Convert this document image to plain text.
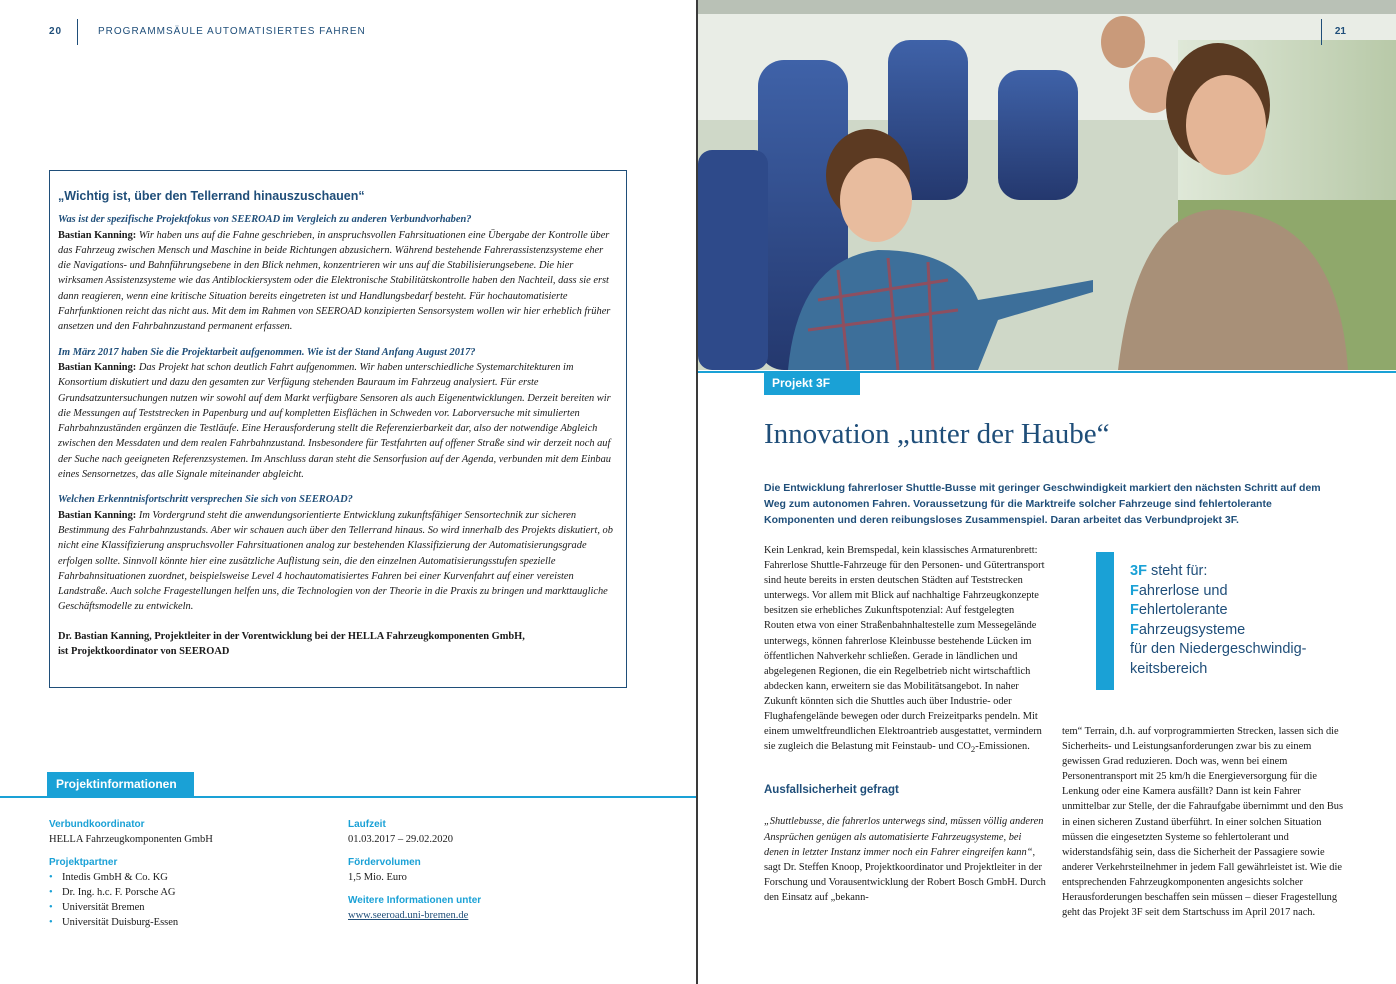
20	PROGRAMMSÄULE AUTOMATISIERTES FAHREN
„Wichtig ist, über den Tellerrand hinauszuschauen“
Was ist der spezifische Projektfokus von SEEROAD im Vergleich zu anderen Verbundvorhaben?
Bastian Kanning: Wir haben uns auf die Fahne geschrieben, in anspruchsvollen Fahrsituationen eine Übergabe der Kontrolle über das Fahrzeug zwischen Mensch und Maschine in beide Richtungen abzusichern. Während bestehende Fahrerassistenzsysteme eher die Navigations- und Bahnführungsebene in den Blick nehmen, konzentrieren wir uns auf die Stabilisierungsebene. Die hier wirksamen Assistenzsysteme wie das Antiblockiersystem oder die Elektronische Stabilitätskontrolle haben den Nachteil, dass sie erst dann reagieren, wenn eine kritische Situation bereits eingetreten ist und Handlungsbedarf besteht. Für hochautomatisierte Fahrfunktionen reicht das nicht aus. Mit dem im Rahmen von SEEROAD konzipierten Sensorsystem wollen wir hier erheblich früher ansetzen und den Fahrbahnzustand permanent erfassen.
Im März 2017 haben Sie die Projektarbeit aufgenommen. Wie ist der Stand Anfang August 2017?
Bastian Kanning: Das Projekt hat schon deutlich Fahrt aufgenommen. Wir haben unterschiedliche Systemarchitekturen im Konsortium diskutiert und dazu den gesamten zur Verfügung stehenden Bauraum im Fahrzeug analysiert. Für erste Grundsatzuntersuchungen nutzen wir sowohl auf dem Markt verfügbare Sensoren als auch Eigenentwicklungen. Derzeit bereiten wir die Messungen auf Teststrecken in Papenburg und auf kompletten Eisflächen in Schweden vor. Laborversuche mit simulierten Fahrbahnzuständen ergänzen die Testläufe. Eine Herausforderung stellt die Referenzierbarkeit dar, also der notwendige Abgleich zwischen den Messdaten und dem realen Fahrbahnzustand. Insbesondere für Testfahrten auf offener Straße sind wir derzeit noch auf der Suche nach geeigneten Referenzsystemen. Im Anschluss daran steht die Sensorfusion auf der Agenda, verbunden mit dem Einbau eines Sensornetzes, das alle Signale miteinander abgleicht.
Welchen Erkenntnisfortschritt versprechen Sie sich von SEEROAD?
Bastian Kanning: Im Vordergrund steht die anwendungsorientierte Entwicklung zukunftsfähiger Sensortechnik zur sicheren Bestimmung des Fahrbahnzustands. Aber wir schauen auch über den Tellerrand hinaus. So wird innerhalb des Projekts diskutiert, ob nicht eine Klassifizierung anspruchsvoller Fahrsituationen analog zur bestehenden Klassifizierung der Automatisierungsgrade erfolgen sollte. Sinnvoll könnte hier eine zusätzliche Auflistung sein, die den einzelnen Automatisierungsstufen spezielle Fahrbahnsituationen zuordnet, beispielsweise Level 4 hochautomatisiertes Fahren bei einer Kurvenfahrt auf einer vereisten Landstraße. Auch solche Fragestellungen helfen uns, die Technologien von der Theorie in die Praxis zu bringen und markttaugliche Geschäftsmodelle zu entwickeln.
Dr. Bastian Kanning, Projektleiter in der Vorentwicklung bei der HELLA Fahrzeugkomponenten GmbH,
ist Projektkoordinator von SEEROAD
Projektinformationen
Verbundkoordinator
HELLA Fahrzeugkomponenten GmbH
Projektpartner
• Intedis GmbH & Co. KG
• Dr. Ing. h.c. F. Porsche AG
• Universität Bremen
• Universität Duisburg-Essen
Laufzeit
01.03.2017 – 29.02.2020
Fördervolumen
1,5 Mio. Euro
Weitere Informationen unter
www.seeroad.uni-bremen.de
21
Projekt 3F
Innovation „unter der Haube“
Die Entwicklung fahrerloser Shuttle-Busse mit geringer Geschwindigkeit markiert den nächsten Schritt auf dem Weg zum autonomen Fahren. Voraussetzung für die Marktreife solcher Fahrzeuge sind fehlertolerante Komponenten und deren reibungsloses Zusammenspiel. Daran arbeitet das Verbundprojekt 3F.
Kein Lenkrad, kein Bremspedal, kein klassisches Armaturenbrett: Fahrerlose Shuttle-Fahrzeuge für den Personen- und Gütertransport sind heute bereits in ersten deutschen Städten auf Teststrecken unterwegs. Vor allem mit Blick auf nachhaltige Fahrzeugkonzepte besitzen sie erhebliches Zukunftspotenzial: Auf festgelegten Routen etwa von einer Straßenbahnhaltestelle zum Messegelände unterwegs, können fahrerlose Kleinbusse bestehende Lücken im öffentlichen Nahverkehr schließen. Gerade in ländlichen und abgelegenen Regionen, die ein Regelbetrieb nicht wirtschaftlich abdecken kann, erweitern sie das Mobilitätsangebot. In naher Zukunft könnten sich die Shuttles auch über Industrie- oder Flughafengelände bewegen oder durch Freizeitparks pendeln. Mit einem umweltfreundlichen Elektroantrieb ausgestattet, vermindern sie zugleich die Belastung mit Feinstaub- und $CO_2$-Emissionen.
Ausfallsicherheit gefragt
„Shuttlebusse, die fahrerlos unterwegs sind, müssen völlig anderen Ansprüchen genügen als automatisierte Fahrzeugsysteme, bei denen in letzter Instanz immer noch ein Fahrer eingreifen kann“, sagt Dr. Steffen Knoop, Projektkoordinator und Projektleiter in der Forschung und Vorausentwicklung der Robert Bosch GmbH. Durch den Einsatz auf „bekann-
3F steht für:
Fahrerlose und
Fehlertolerante
Fahrzeugsysteme
für den Niedergeschwindig-
keitsbereich
tem“ Terrain, d.h. auf vorprogrammierten Strecken, lassen sich die Sicherheits- und Leistungsanforderungen zwar bis zu einem gewissen Grad reduzieren. Doch was, wenn bei einem Personentransport mit 25 km/h die Energieversorgung für die Lenkung oder eine Kamera ausfällt? Dann ist kein Fahrer unmittelbar zur Stelle, der die Fahraufgabe übernimmt und den Bus in einen sicheren Zustand überführt. In einer solchen Situation müssen die eingesetzten Systeme so fehlertolerant und widerstandsfähig sein, dass die Sicherheit der Passagiere sowie anderer Verkehrsteilnehmer in jedem Fall gewährleistet ist. Wie die entsprechenden Fahrzeugkomponenten angesichts solcher Herausforderungen beschaffen sein müssen – dieser Fragestellung geht das Projekt 3F seit dem Startschuss im April 2017 nach.
